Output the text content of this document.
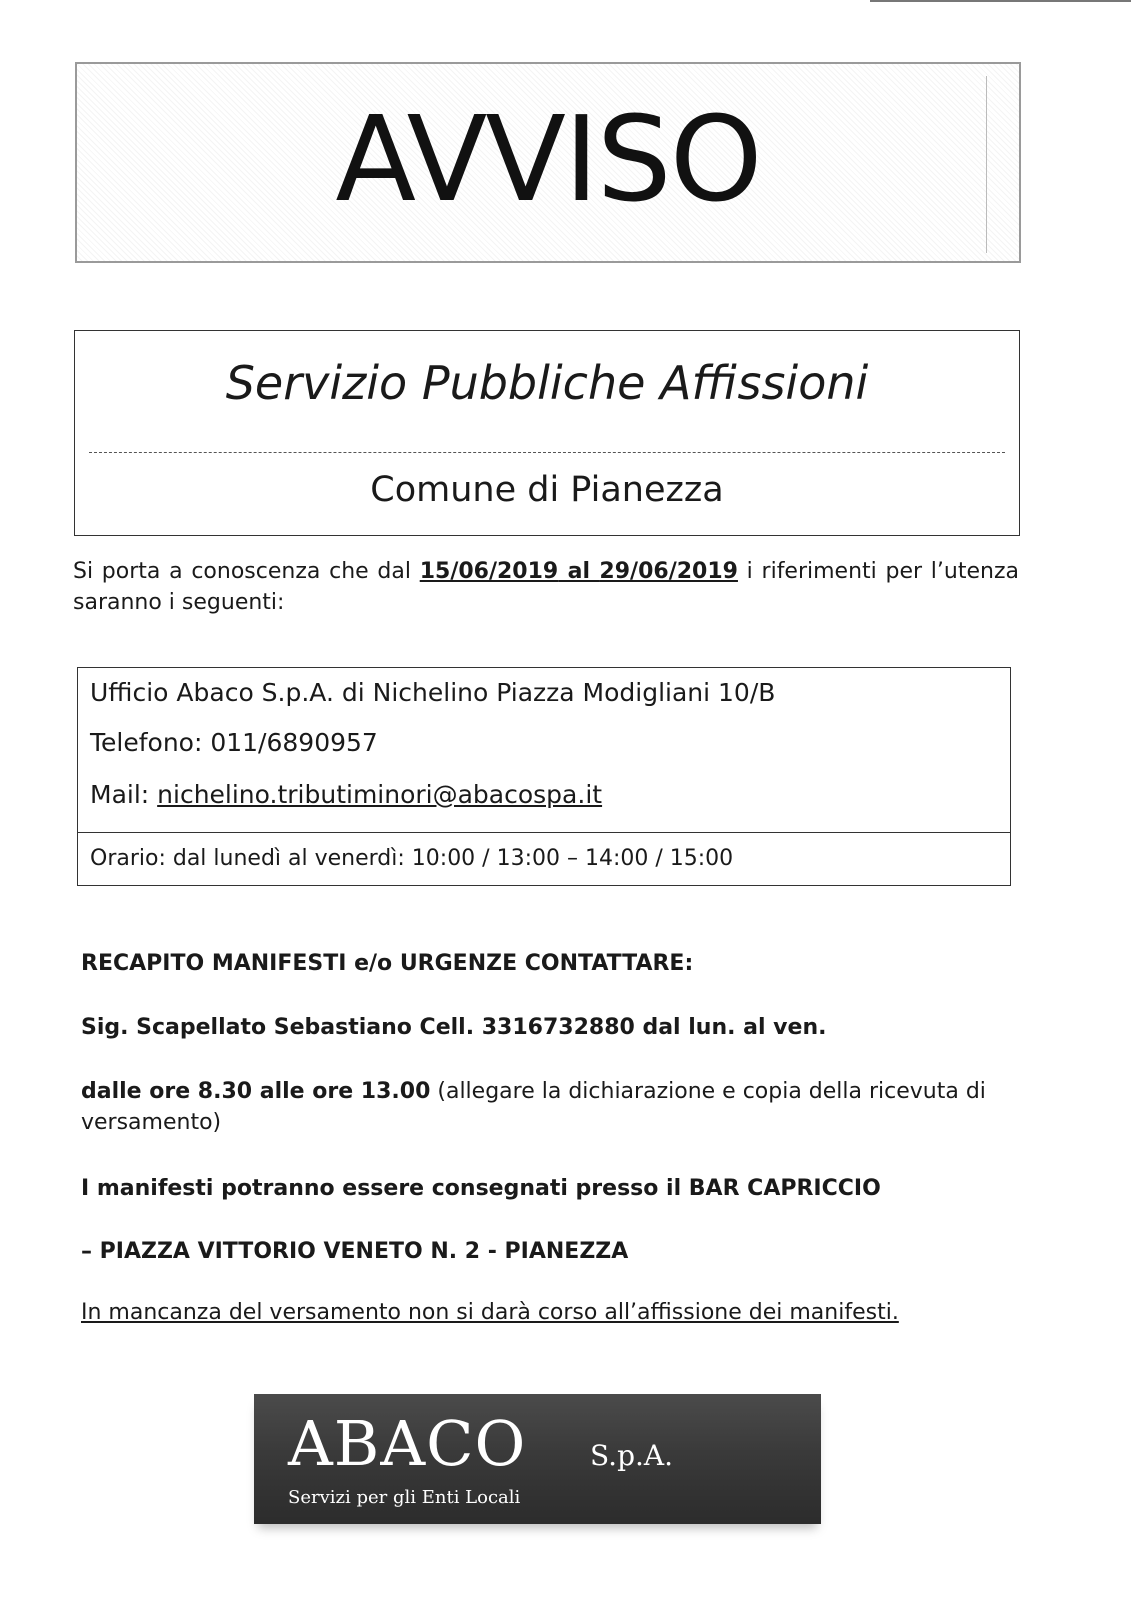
AVVISO
Servizio Pubbliche Affissioni
Comune di Pianezza
Si porta a conoscenza che dal 15/06/2019 al 29/06/2019 i riferimenti per l’utenza saranno i seguenti:
Ufficio Abaco S.p.A. di Nichelino Piazza Modigliani 10/B
Telefono: 011/6890957
Mail: nichelino.tributiminori@abacospa.it
Orario: dal lunedì al venerdì: 10:00 / 13:00 – 14:00 / 15:00
RECAPITO MANIFESTI e/o URGENZE CONTATTARE:
Sig. Scapellato Sebastiano Cell. 3316732880 dal lun. al ven.
dalle ore 8.30 alle ore 13.00 (allegare la dichiarazione e copia della ricevuta di versamento)
I manifesti potranno essere consegnati presso il BAR CAPRICCIO
– PIAZZA VITTORIO VENETO N. 2 - PIANEZZA
In mancanza del versamento non si darà corso all’affissione dei manifesti.
ABACO S.p.A.
Servizi per gli Enti Locali
